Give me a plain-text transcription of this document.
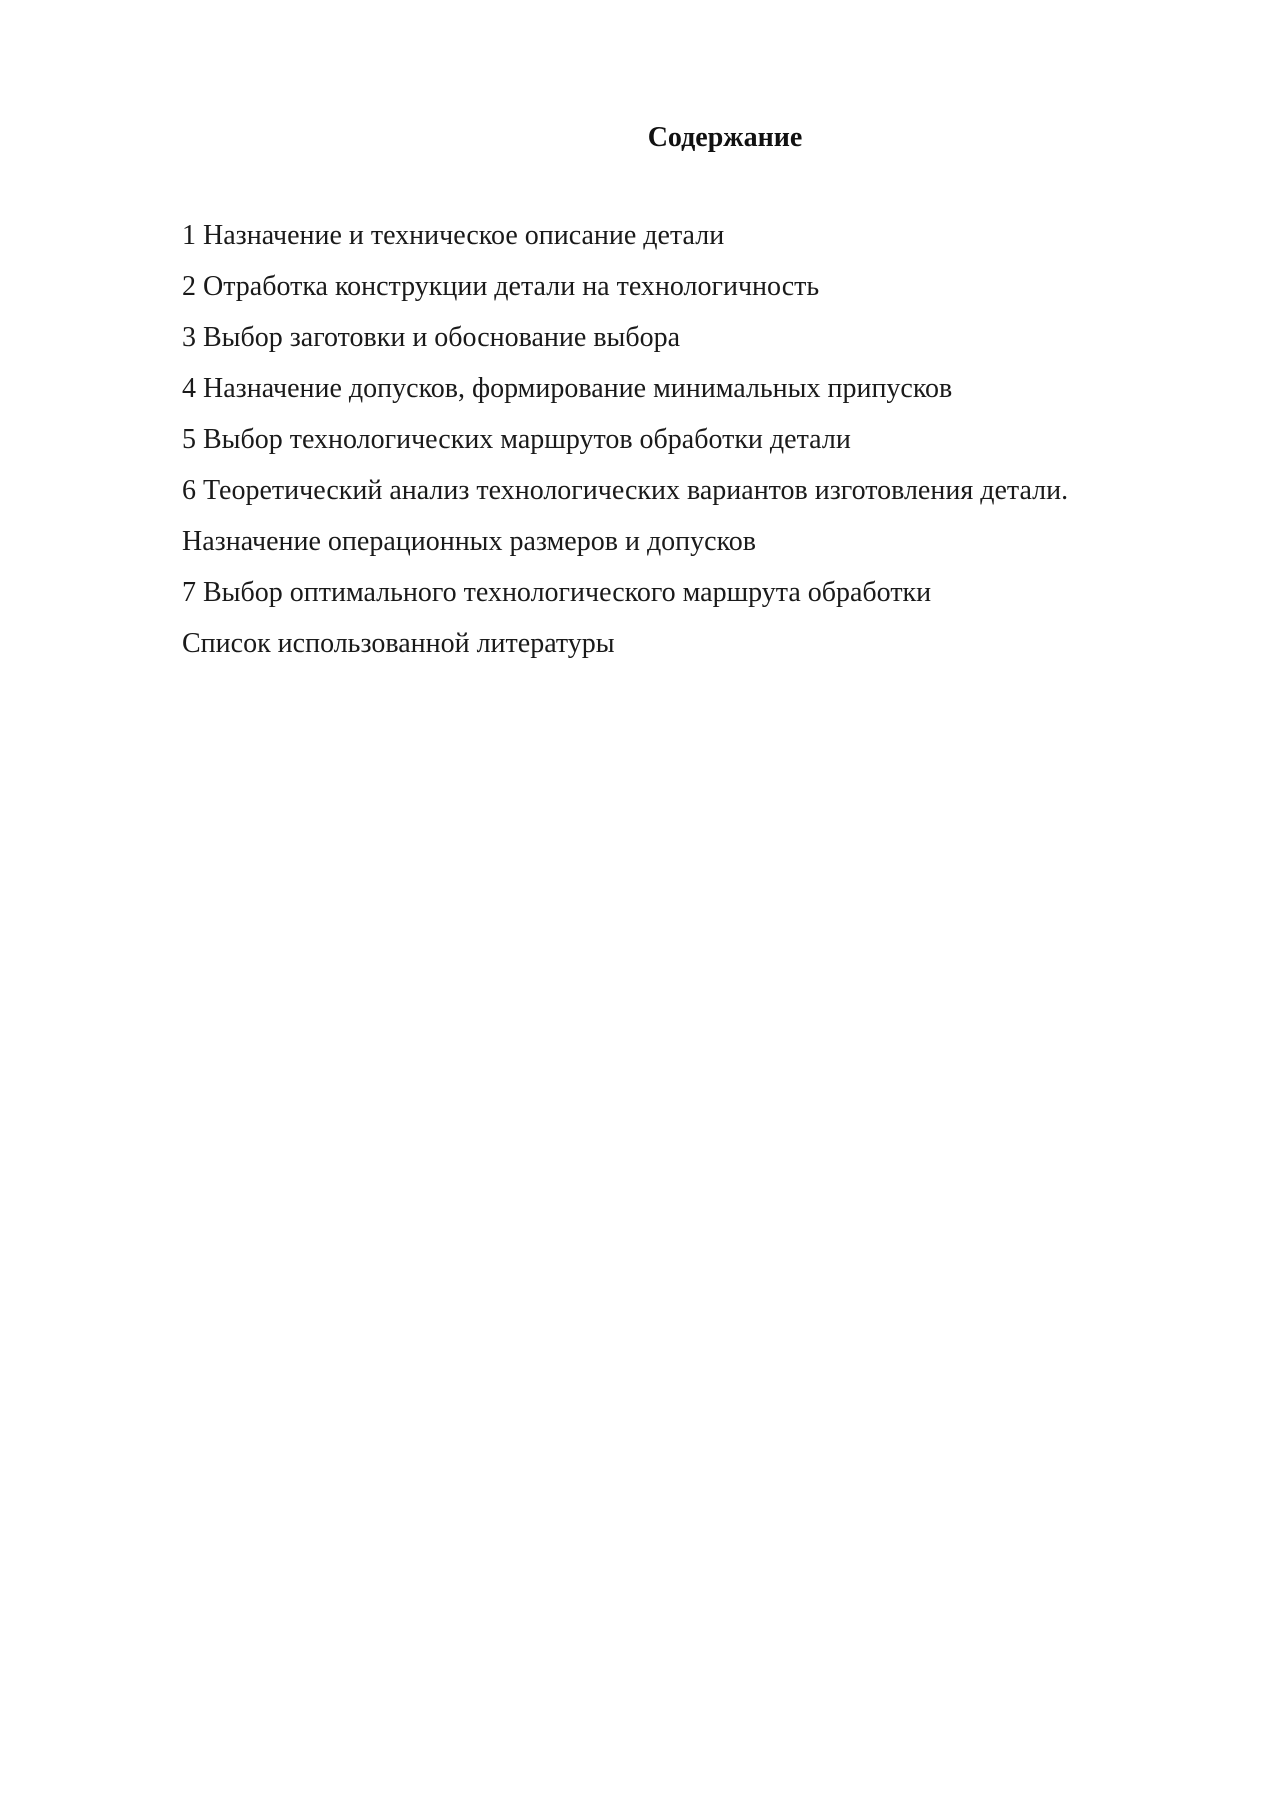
Содержание
1 Назначение и техническое описание детали
2 Отработка конструкции детали на технологичность
3 Выбор заготовки и обоснование выбора
4 Назначение допусков, формирование минимальных припусков
5 Выбор технологических маршрутов обработки детали
6 Теоретический анализ технологических вариантов изготовления детали.
Назначение операционных размеров и допусков
7 Выбор оптимального технологического маршрута обработки
Список использованной литературы
